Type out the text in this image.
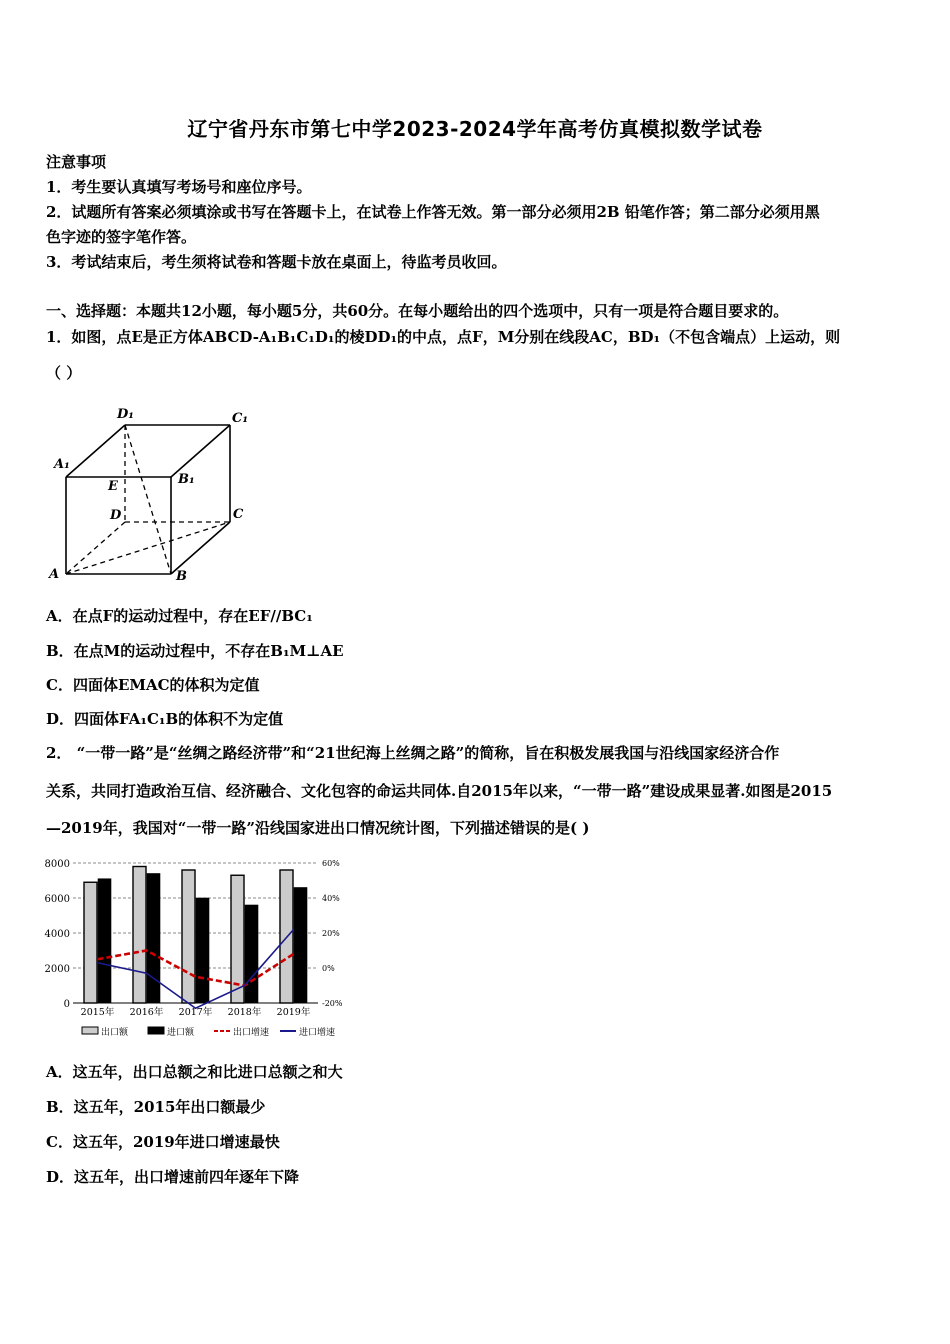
辽宁省丹东市第七中学2023-2024学年高考仿真模拟数学试卷
注意事项
1．考生要认真填写考场号和座位序号。
2．试题所有答案必须填涂或书写在答题卡上，在试卷上作答无效。第一部分必须用2B 铅笔作答；第二部分必须用黑
色字迹的签字笔作答。
3．考试结束后，考生须将试卷和答题卡放在桌面上，待监考员收回。
一、选择题：本题共12小题，每小题5分，共60分。在每小题给出的四个选项中，只有一项是符合题目要求的。
1．如图，点E是正方体ABCD-A₁B₁C₁D₁的棱DD₁的中点，点F，M分别在线段AC，BD₁（不包含端点）上运动，则
（ ）
D₁	C₁
A₁
B₁
E
D	C
A	B
A．在点F的运动过程中，存在EF//BC₁
B．在点M的运动过程中，不存在B₁M⊥AE
C．四面体EMAC的体积为定值
D．四面体FA₁C₁B的体积不为定值
2． “一带一路”是“丝绸之路经济带”和“21世纪海上丝绸之路”的简称，旨在积极发展我国与沿线国家经济合作
关系，共同打造政治互信、经济融合、文化包容的命运共同体.自2015年以来，“一带一路”建设成果显著.如图是2015
—2019年，我国对“一带一路”沿线国家进出口情况统计图，下列描述错误的是( )
0
2000
4000
6000
8000
-20%
0%
20%
40%
60%
2015年 2016年 2017年 2018年 2019年
出口额	进口额	出口增速	进口增速
A．这五年，出口总额之和比进口总额之和大
B．这五年，2015年出口额最少
C．这五年，2019年进口增速最快
D．这五年，出口增速前四年逐年下降
